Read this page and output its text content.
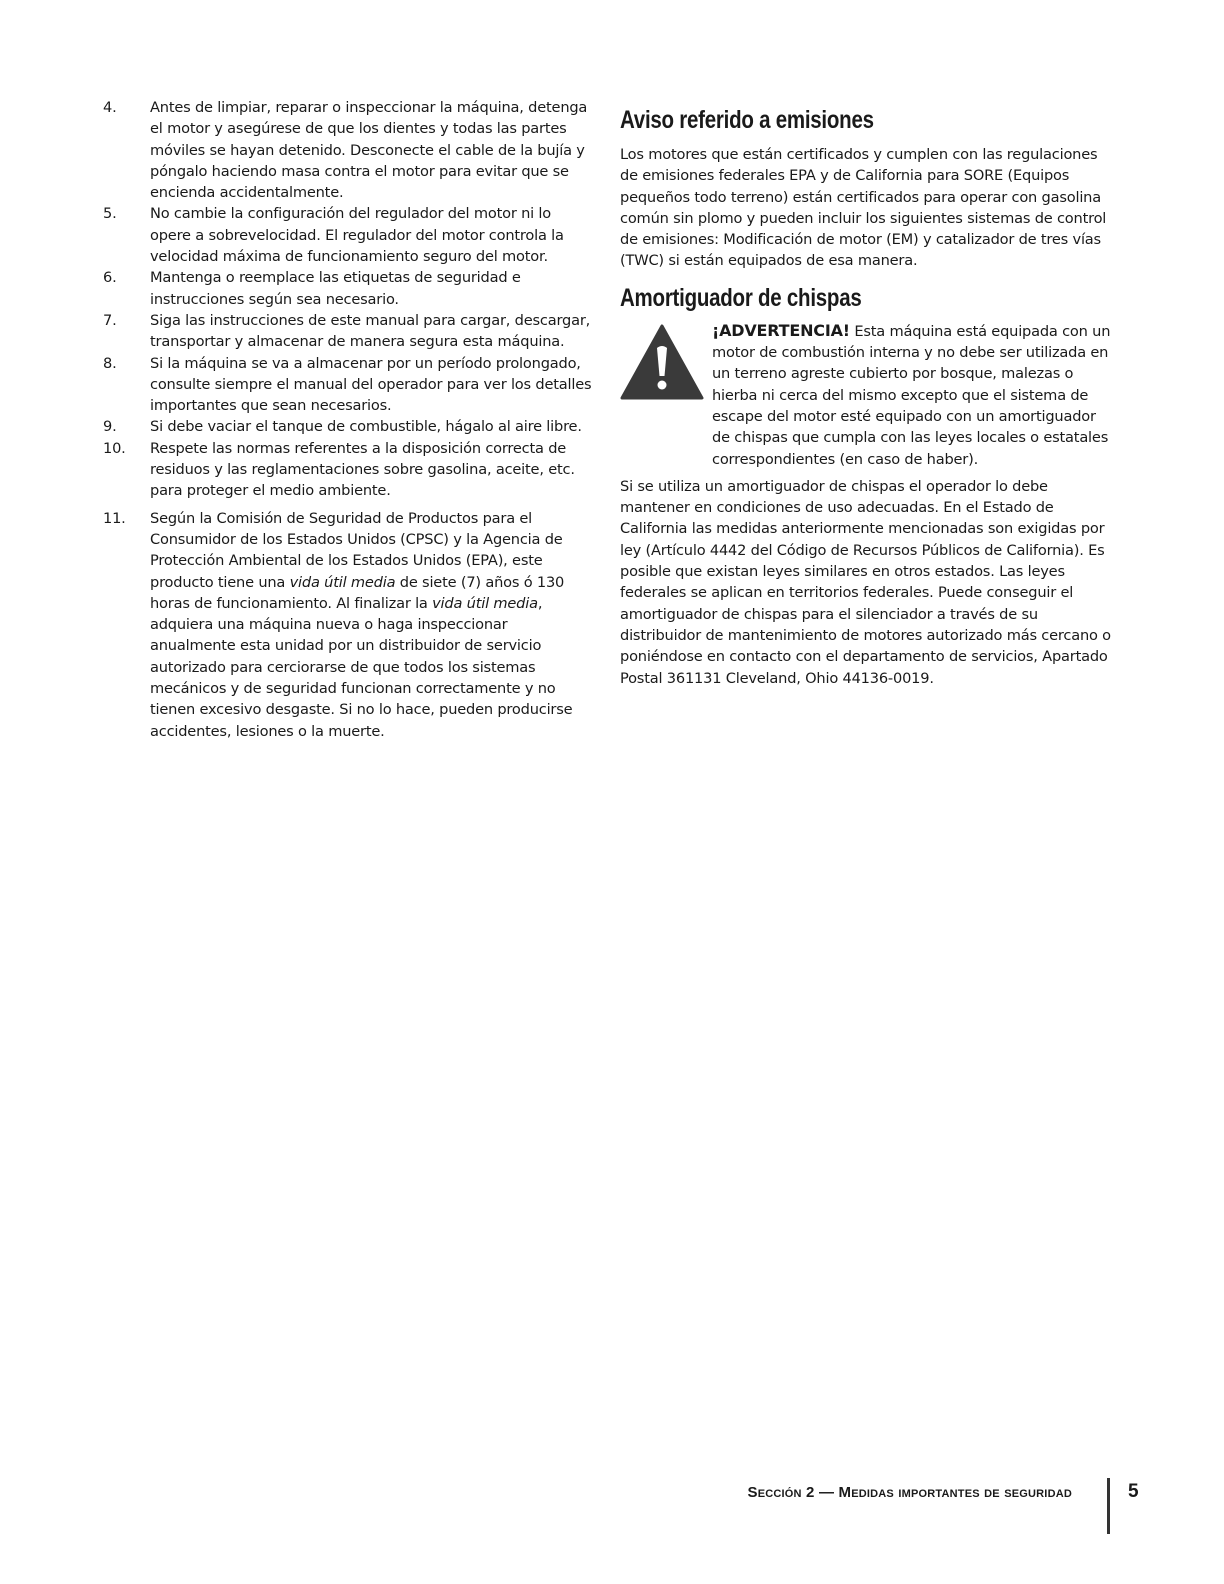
4.	Antes de limpiar, reparar o inspeccionar la máquina, detenga el motor y asegúrese de que los dientes y todas las partes móviles se hayan detenido. Desconecte el cable de la bujía y póngalo haciendo masa contra el motor para evitar que se encienda accidentalmente.
5.	No cambie la configuración del regulador del motor ni lo opere a sobrevelocidad. El regulador del motor controla la velocidad máxima de funcionamiento seguro del motor.
6.	Mantenga o reemplace las etiquetas de seguridad e instrucciones según sea necesario.
7.	Siga las instrucciones de este manual para cargar, descargar, transportar y almacenar de manera segura esta máquina.
8.	Si la máquina se va a almacenar por un período prolongado, consulte siempre el manual del operador para ver los detalles importantes que sean necesarios.
9.	Si debe vaciar el tanque de combustible, hágalo al aire libre.
10.	Respete las normas referentes a la disposición correcta de residuos y las reglamentaciones sobre gasolina, aceite, etc. para proteger el medio ambiente.
11.	Según la Comisión de Seguridad de Productos para el Consumidor de los Estados Unidos (CPSC) y la Agencia de Protección Ambiental de los Estados Unidos (EPA), este producto tiene una vida útil media de siete (7) años ó 130 horas de funcionamiento. Al finalizar la vida útil media, adquiera una máquina nueva o haga inspeccionar anualmente esta unidad por un distribuidor de servicio autorizado para cerciorarse de que todos los sistemas mecánicos y de seguridad funcionan correctamente y no tienen excesivo desgaste. Si no lo hace, pueden producirse accidentes, lesiones o la muerte.
Aviso referido a emisiones

Los motores que están certificados y cumplen con las regulaciones de emisiones federales EPA y de California para SORE (Equipos pequeños todo terreno) están certificados para operar con gasolina común sin plomo y pueden incluir los siguientes sistemas de control de emisiones: Modificación de motor (EM) y catalizador de tres vías (TWC) si están equipados de esa manera.

Amortiguador de chispas
¡ADVERTENCIA! Esta máquina está equipada con un motor de combustión interna y no debe ser utilizada en un terreno agreste cubierto por bosque, malezas o hierba ni cerca del mismo excepto que el sistema de escape del motor esté equipado con un amortiguador de chispas que cumpla con las leyes locales o estatales correspondientes (en caso de haber).

Si se utiliza un amortiguador de chispas el operador lo debe mantener en condiciones de uso adecuadas. En el Estado de California las medidas anteriormente mencionadas son exigidas por ley (Artículo 4442 del Código de Recursos Públicos de California). Es posible que existan leyes similares en otros estados. Las leyes federales se aplican en territorios federales. Puede conseguir el amortiguador de chispas para el silenciador a través de su distribuidor de mantenimiento de motores autorizado más cercano o poniéndose en contacto con el departamento de servicios, Apartado Postal 361131 Cleveland, Ohio 44136-0019.

Sección 2 — Medidas importantes de seguridad	5
